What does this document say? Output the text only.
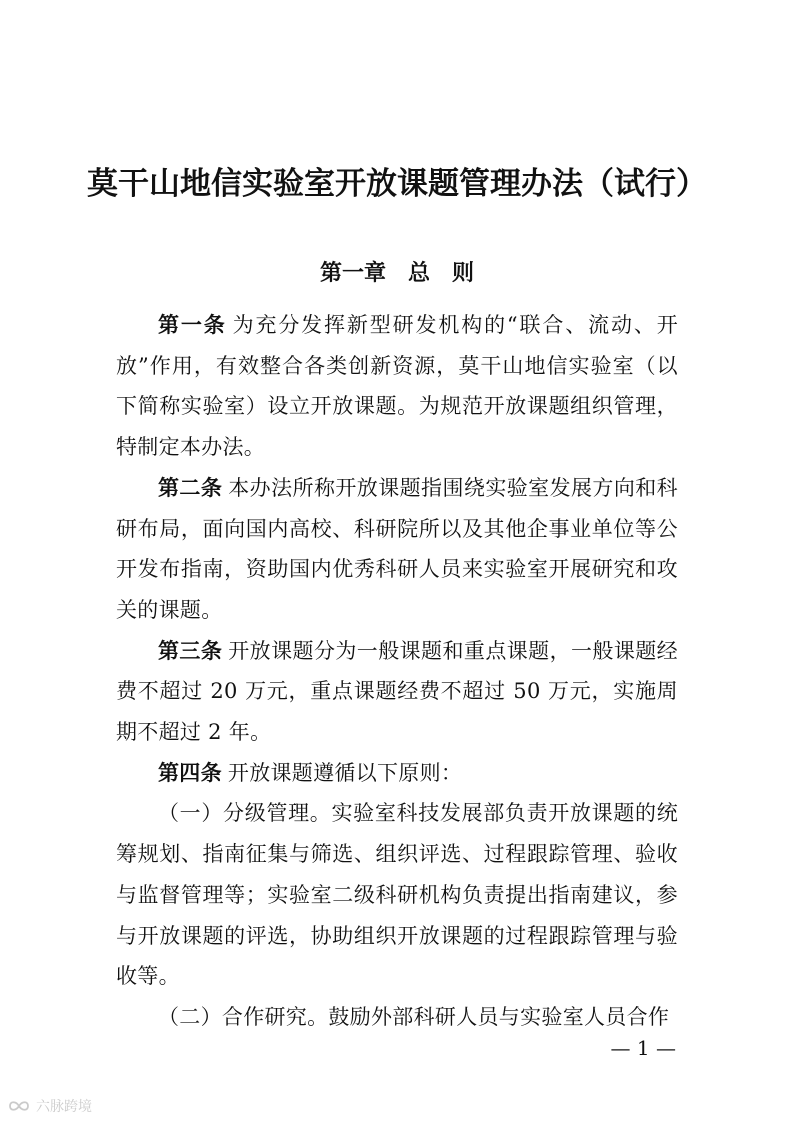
莫干山地信实验室开放课题管理办法（试行）
第一章　总　则

第一条 为充分发挥新型研发机构的“联合、流动、开放”作用，有效整合各类创新资源，莫干山地信实验室（以下简称实验室）设立开放课题。为规范开放课题组织管理，特制定本办法。

第二条 本办法所称开放课题指围绕实验室发展方向和科研布局，面向国内高校、科研院所以及其他企事业单位等公开发布指南，资助国内优秀科研人员来实验室开展研究和攻关的课题。

第三条 开放课题分为一般课题和重点课题，一般课题经费不超过 20 万元，重点课题经费不超过 50 万元，实施周期不超过 2 年。

第四条 开放课题遵循以下原则：

（一）分级管理。实验室科技发展部负责开放课题的统筹规划、指南征集与筛选、组织评选、过程跟踪管理、验收与监督管理等；实验室二级科研机构负责提出指南建议，参与开放课题的评选，协助组织开放课题的过程跟踪管理与验收等。

（二）合作研究。鼓励外部科研人员与实验室人员合作

— 1 —
六脉跨境
